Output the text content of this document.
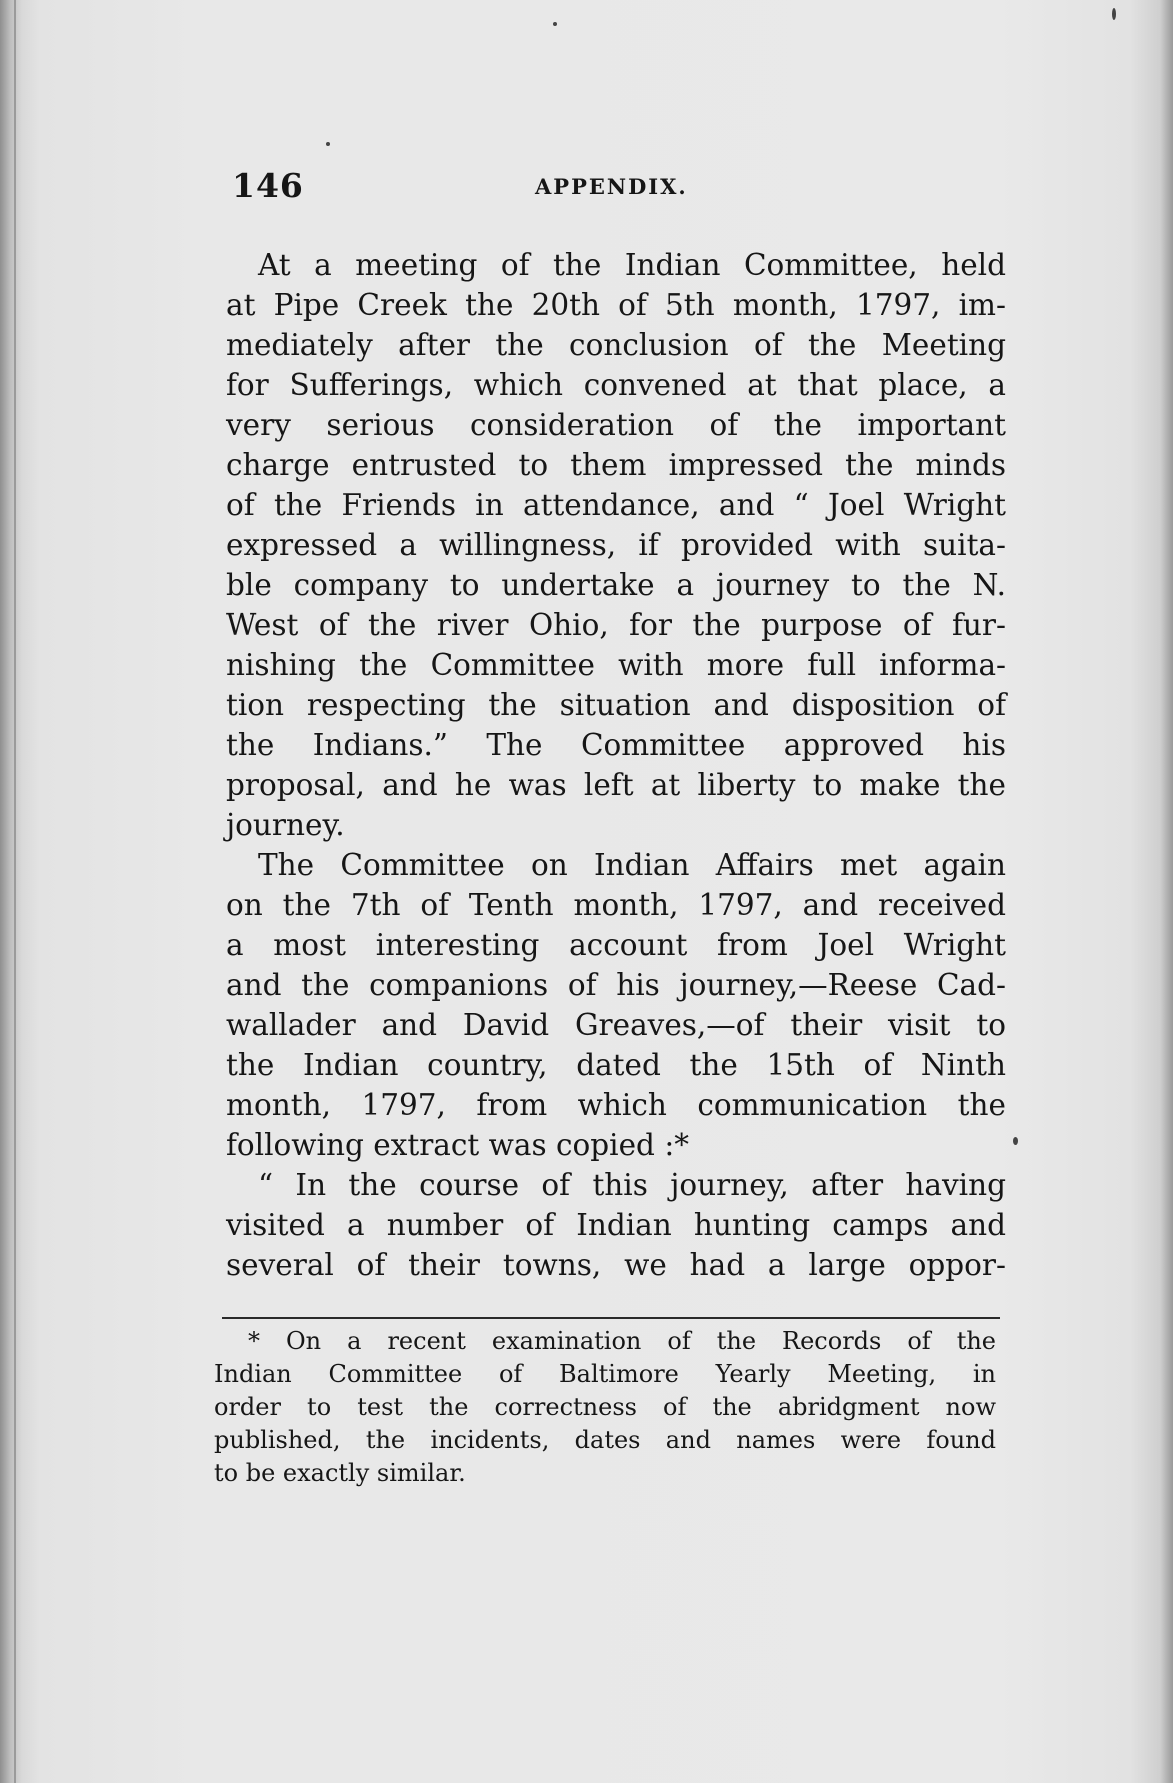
146	APPENDIX.
At a meeting of the Indian Committee, held
at Pipe Creek the 20th of 5th month, 1797, im-
mediately after the conclusion of the Meeting
for Sufferings, which convened at that place, a
very serious consideration of the important
charge entrusted to them impressed the minds
of the Friends in attendance, and “ Joel Wright
expressed a willingness, if provided with suita-
ble company to undertake a journey to the N.
West of the river Ohio, for the purpose of fur-
nishing the Committee with more full informa-
tion respecting the situation and disposition of
the Indians.” The Committee approved his
proposal, and he was left at liberty to make the
journey.
The Committee on Indian Affairs met again
on the 7th of Tenth month, 1797, and received
a most interesting account from Joel Wright
and the companions of his journey,—Reese Cad-
wallader and David Greaves,—of their visit to
the Indian country, dated the 15th of Ninth
month, 1797, from which communication the
following extract was copied :*
“ In the course of this journey, after having
visited a number of Indian hunting camps and
several of their towns, we had a large oppor-
* On a recent examination of the Records of the
Indian Committee of Baltimore Yearly Meeting, in
order to test the correctness of the abridgment now
published, the incidents, dates and names were found
to be exactly similar.
